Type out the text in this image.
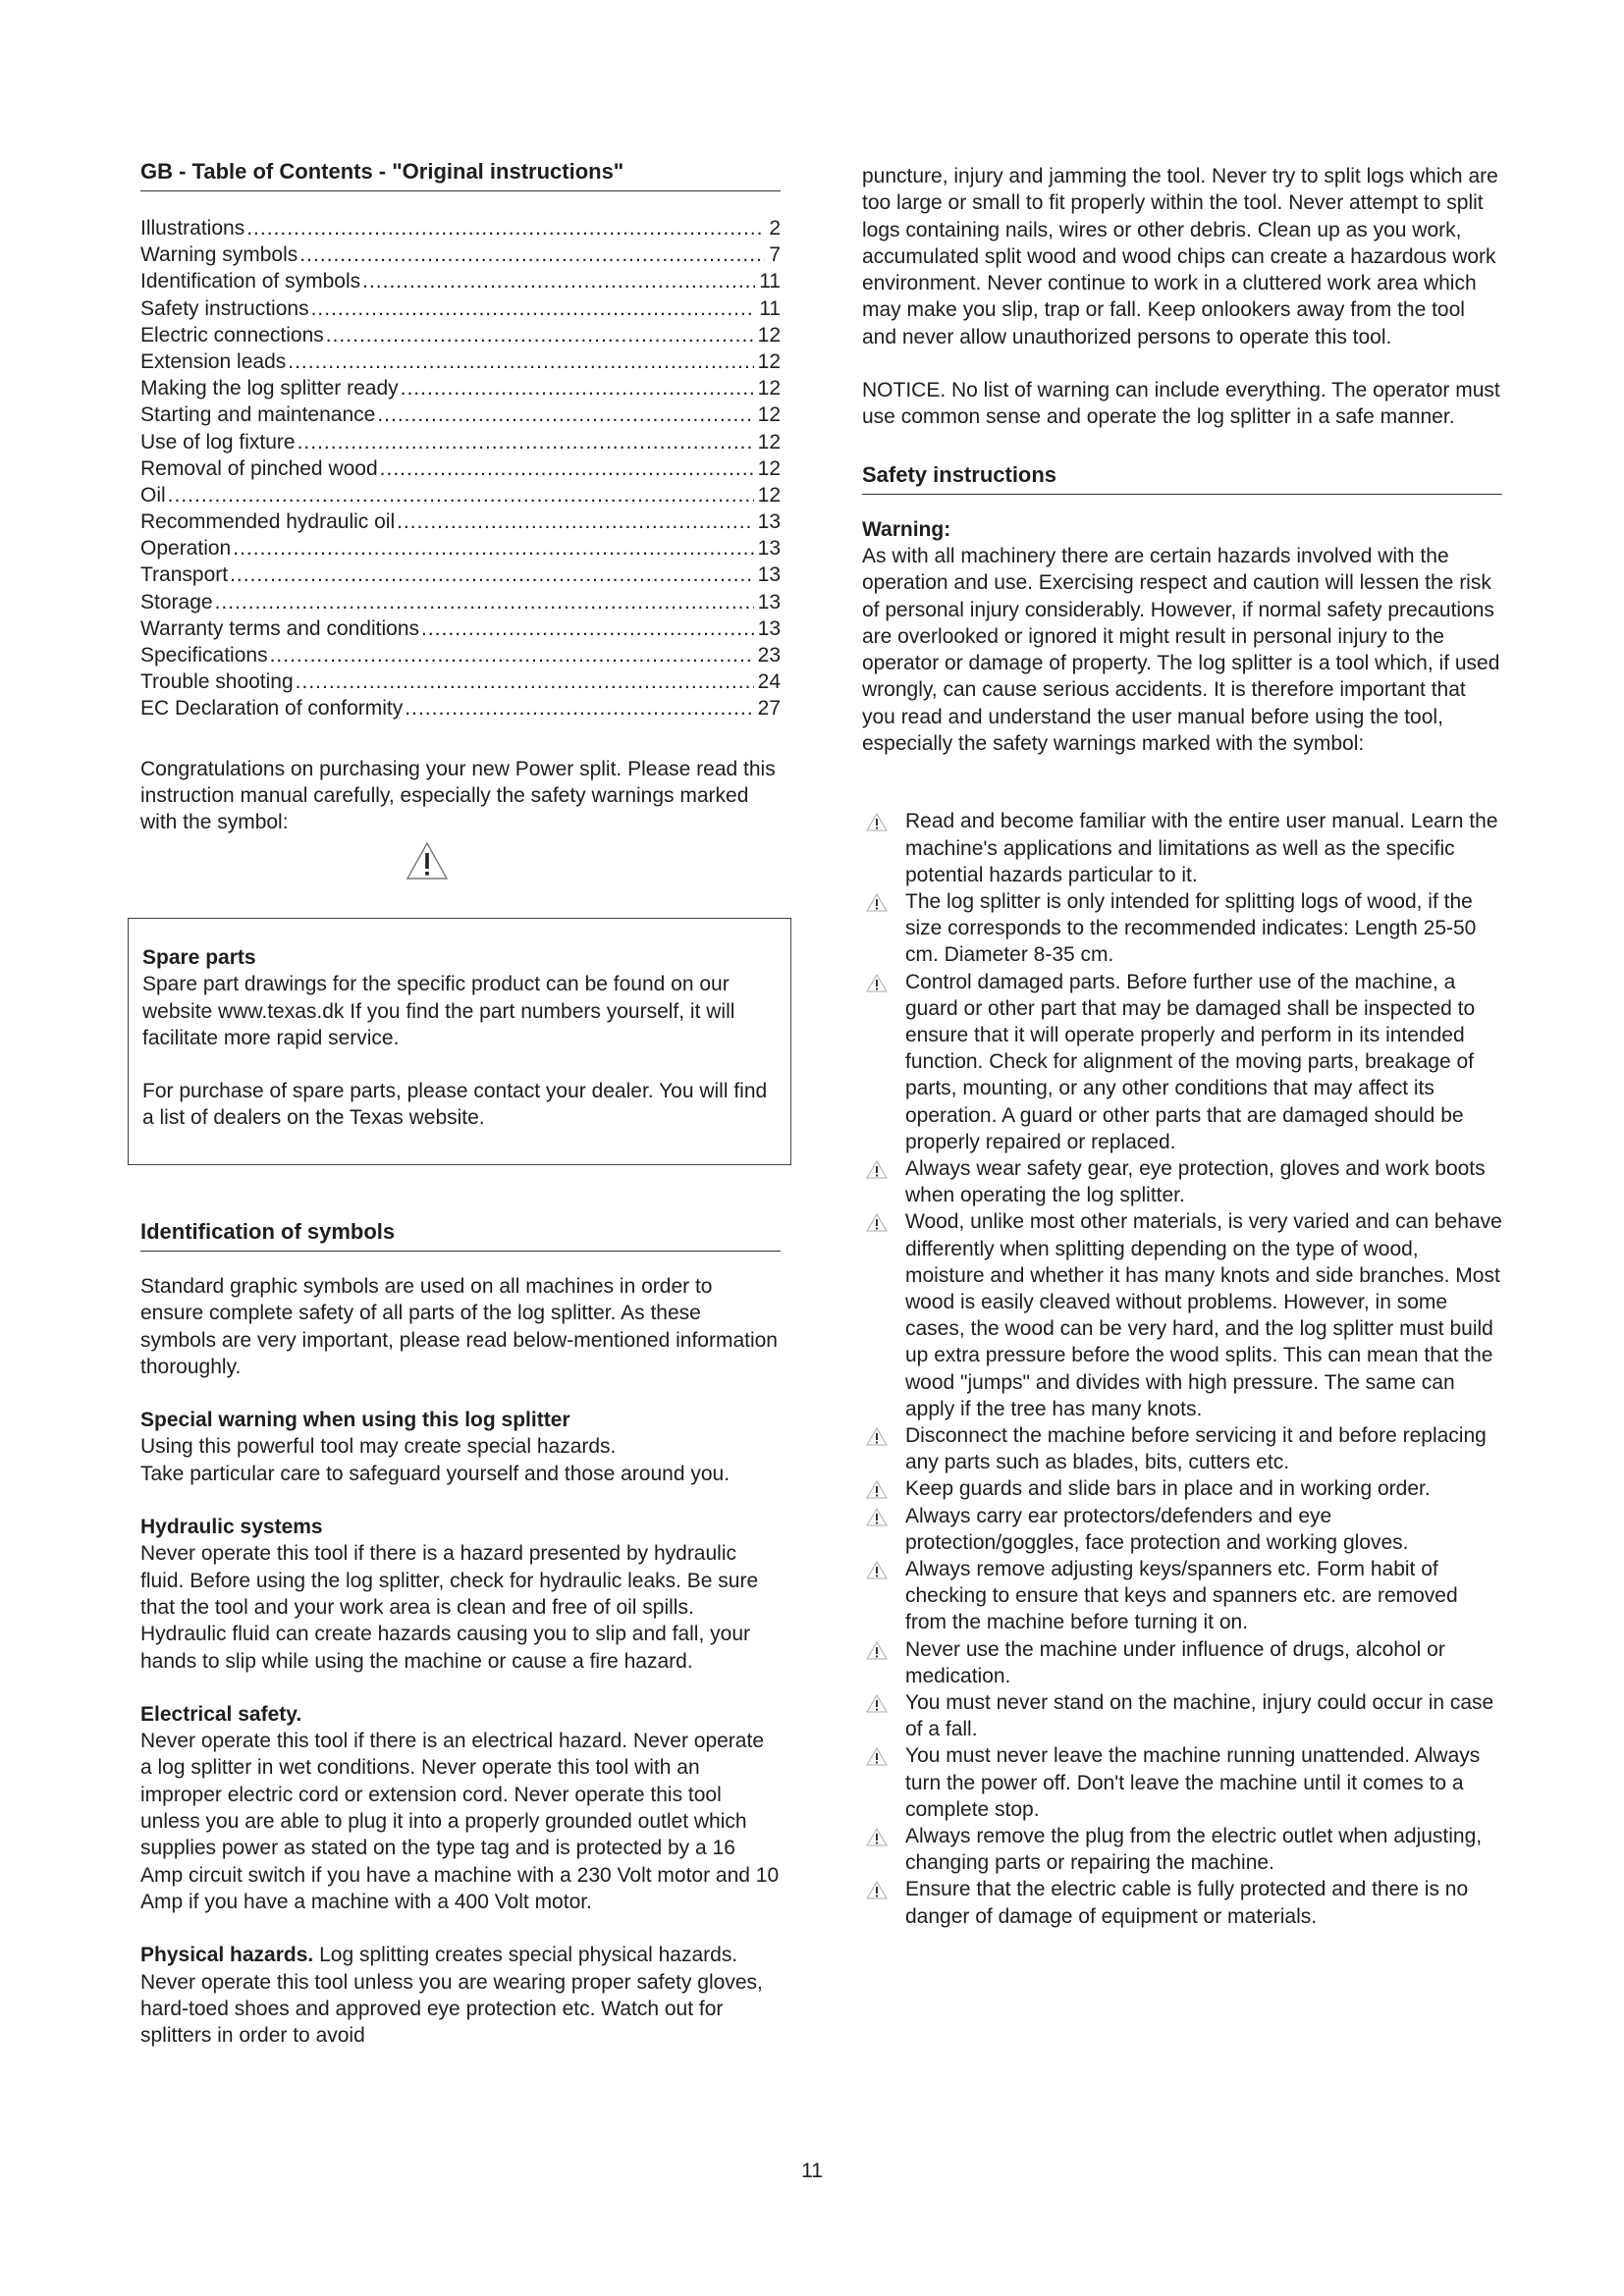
GB - Table of Contents - "Original instructions"
Illustrations .....	2
Warning symbols .....	7
Identification of symbols .....	11
Safety instructions .....	11
Electric connections .....	12
Extension leads .....	12
Making the log splitter ready .....	12
Starting and maintenance .....	12
Use of log fixture .....	12
Removal of pinched wood .....	12
Oil .....	12
Recommended hydraulic oil .....	13
Operation .....	13
Transport .....	13
Storage .....	13
Warranty terms and conditions .....	13
Specifications .....	23
Trouble shooting .....	24
EC Declaration of conformity .....	27

Congratulations on purchasing your new Power split. Please read this instruction manual carefully, especially the safety warnings marked with the symbol:

Spare parts

Spare part drawings for the specific product can be found on our website www.texas.dk If you find the part numbers yourself, it will facilitate more rapid service.

For purchase of spare parts, please contact your dealer. You will find a list of dealers on the Texas website.

Identification of symbols

Standard graphic symbols are used on all machines in order to ensure complete safety of all parts of the log splitter. As these symbols are very important, please read below-mentioned information thoroughly.

Special warning when using this log splitter

Using this powerful tool may create special hazards.

Take particular care to safeguard yourself and those around you.

Hydraulic systems

Never operate this tool if there is a hazard presented by hydraulic fluid. Before using the log splitter, check for hydraulic leaks. Be sure that the tool and your work area is clean and free of oil spills. Hydraulic fluid can create hazards causing you to slip and fall, your hands to slip while using the machine or cause a fire hazard.

Electrical safety.

Never operate this tool if there is an electrical hazard. Never operate a log splitter in wet conditions. Never operate this tool with an improper electric cord or extension cord. Never operate this tool unless you are able to plug it into a properly grounded outlet which supplies power as stated on the type tag and is protected by a 16 Amp circuit switch if you have a machine with a 230 Volt motor and 10 Amp if you have a machine with a 400 Volt motor.

Physical hazards. Log splitting creates special physical hazards. Never operate this tool unless you are wearing proper safety gloves, hard-toed shoes and approved eye protection etc. Watch out for splitters in order to avoid

puncture, injury and jamming the tool. Never try to split logs which are too large or small to fit properly within the tool. Never attempt to split logs containing nails, wires or other debris. Clean up as you work, accumulated split wood and wood chips can create a hazardous work environment. Never continue to work in a cluttered work area which may make you slip, trap or fall. Keep onlookers away from the tool and never allow unauthorized persons to operate this tool.

NOTICE. No list of warning can include everything. The operator must use common sense and operate the log splitter in a safe manner.

Safety instructions

Warning:

As with all machinery there are certain hazards involved with the operation and use. Exercising respect and caution will lessen the risk of personal injury considerably. However, if normal safety precautions are overlooked or ignored it might result in personal injury to the operator or damage of property. The log splitter is a tool which, if used wrongly, can cause serious accidents. It is therefore important that you read and understand the user manual before using the tool, especially the safety warnings marked with the symbol:

Read and become familiar with the entire user manual. Learn the machine's applications and limitations as well as the specific potential hazards particular to it.
The log splitter is only intended for splitting logs of wood, if the size corresponds to the recommended indicates: Length 25-50 cm. Diameter 8-35 cm.
Control damaged parts. Before further use of the machine, a guard or other part that may be damaged shall be inspected to ensure that it will operate properly and perform in its intended function. Check for alignment of the moving parts, breakage of parts, mounting, or any other conditions that may affect its operation. A guard or other parts that are damaged should be properly repaired or replaced.
Always wear safety gear, eye protection, gloves and work boots when operating the log splitter.
Wood, unlike most other materials, is very varied and can behave differently when splitting depending on the type of wood, moisture and whether it has many knots and side branches. Most wood is easily cleaved without problems. However, in some cases, the wood can be very hard, and the log splitter must build up extra pressure before the wood splits. This can mean that the wood "jumps" and divides with high pressure. The same can apply if the tree has many knots.
Disconnect the machine before servicing it and before replacing any parts such as blades, bits, cutters etc.
Keep guards and slide bars in place and in working order.
Always carry ear protectors/defenders and eye protection/goggles, face protection and working gloves.
Always remove adjusting keys/spanners etc. Form habit of checking to ensure that keys and spanners etc. are removed from the machine before turning it on.
Never use the machine under influence of drugs, alcohol or medication.
You must never stand on the machine, injury could occur in case of a fall.
You must never leave the machine running unattended. Always turn the power off. Don't leave the machine until it comes to a complete stop.
Always remove the plug from the electric outlet when adjusting, changing parts or repairing the machine.
Ensure that the electric cable is fully protected and there is no danger of damage of equipment or materials.
11
